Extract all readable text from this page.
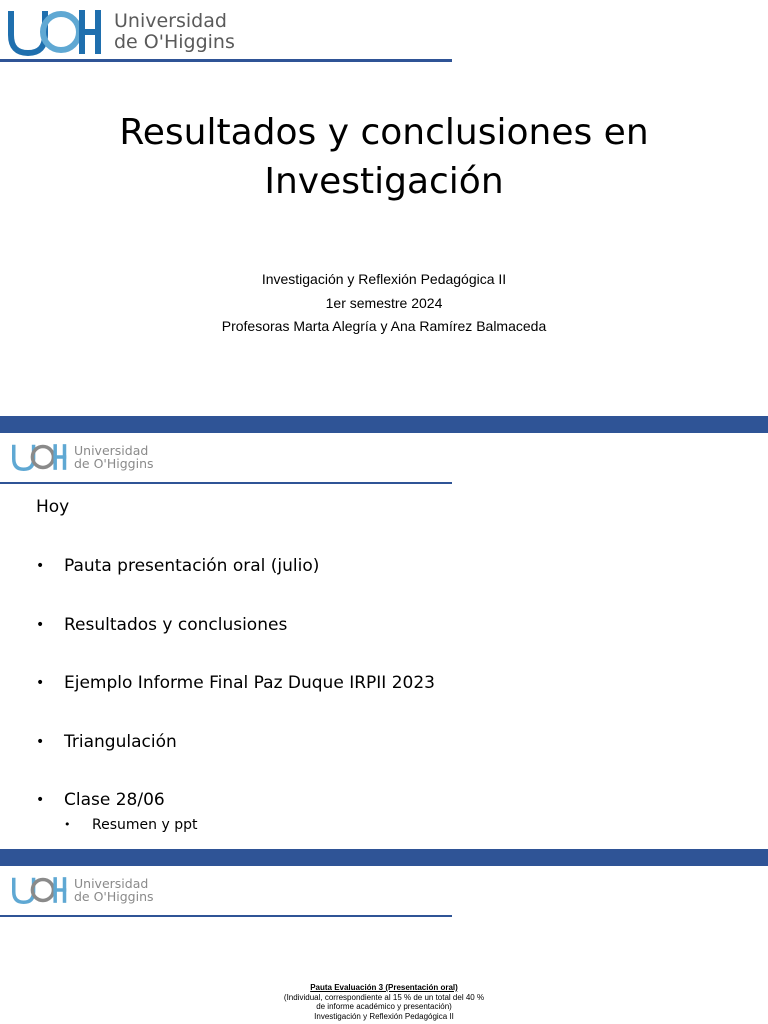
Universidad
de O'Higgins
Resultados y conclusiones en
Investigación
Investigación y Reflexión Pedagógica II
1er semestre 2024
Profesoras Marta Alegría y Ana Ramírez Balmaceda
Universidad
de O'Higgins
Hoy
• Pauta presentación oral (julio)
• Resultados y conclusiones
• Ejemplo Informe Final Paz Duque IRPII 2023
• Triangulación
• Clase 28/06
• Resumen y ppt
Universidad
de O'Higgins
Pauta Evaluación 3 (Presentación oral)
(Individual, correspondiente al 15 % de un total del 40 %
de informe académico y presentación)
Investigación y Reflexión Pedagógica II
